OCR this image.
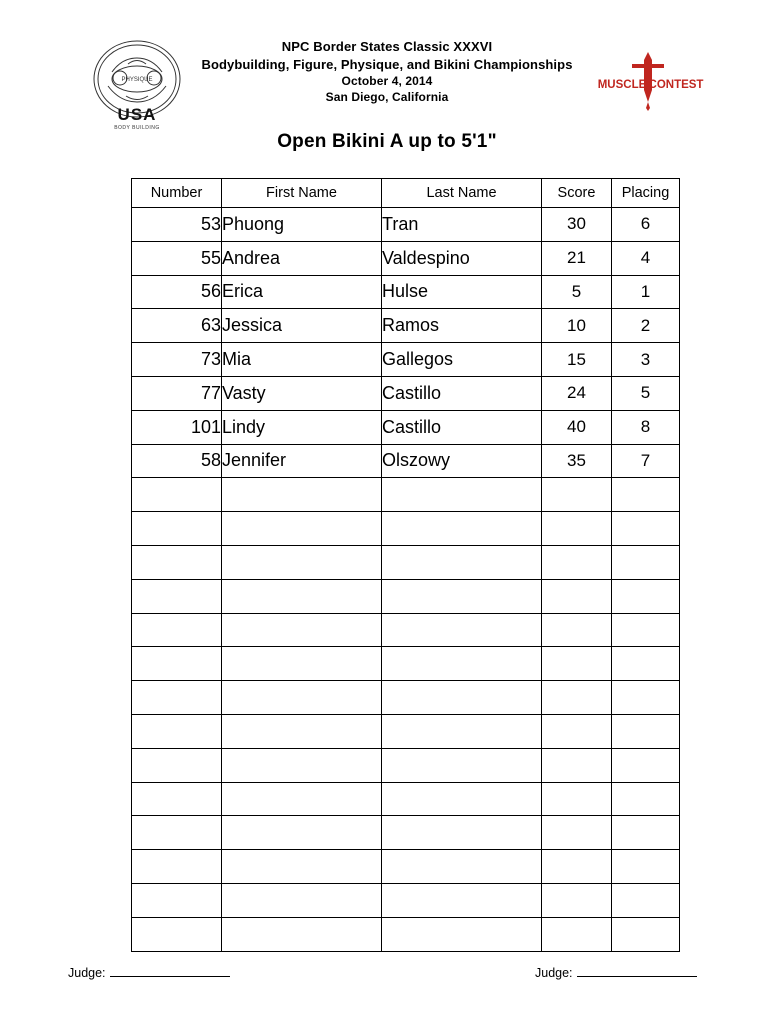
PHYSIQUE
USA
BODY BUILDING
NPC Border States Classic XXXVI
Bodybuilding, Figure, Physique, and Bikini Championships
October 4, 2014
San Diego, California
MUSCLE CONTEST
Open Bikini A up to 5'1"
Number	First Name	Last Name	Score	Placing
53	Phuong	Tran	30	6
55	Andrea	Valdespino	21	4
56	Erica	Hulse	5	1
63	Jessica	Ramos	10	2
73	Mia	Gallegos	15	3
77	Vasty	Castillo	24	5
101	Lindy	Castillo	40	8
58	Jennifer	Olszowy	35	7

Judge:	Judge:
